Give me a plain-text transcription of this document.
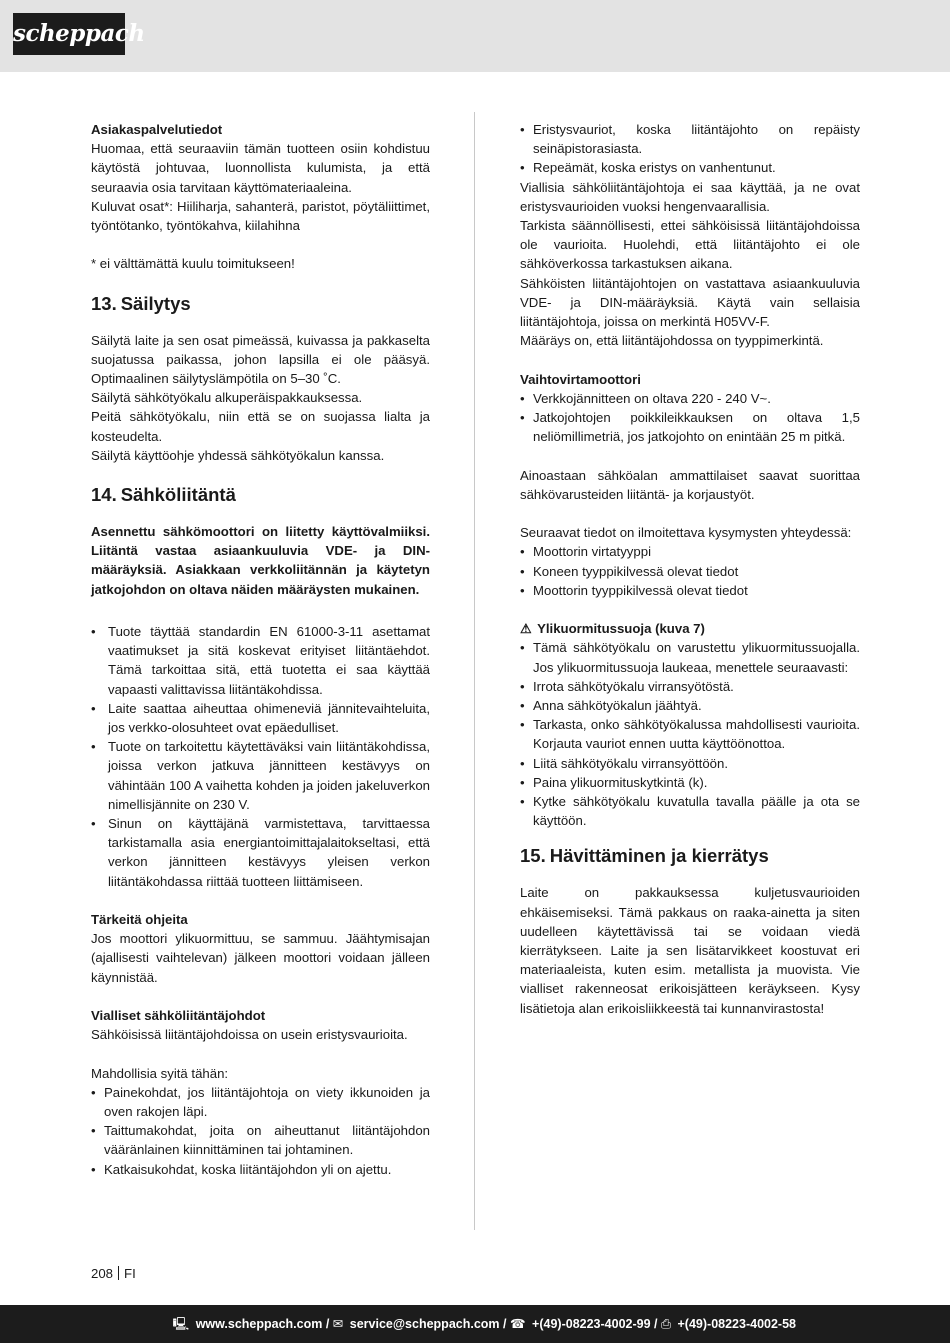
scheppach

Asiakaspalvelutiedot

Huomaa, että seuraaviin tämän tuotteen osiin kohdistuu käytöstä johtuvaa, luonnollista kulumista, ja että seuraavia osia tarvitaan käyttömateriaaleina.

Kuluvat osat*: Hiiliharja, sahanterä, paristot, pöytäliittimet, työntötanko, työntökahva, kiilahihna

* ei välttämättä kuulu toimitukseen!

13. Säilytys

Säilytä laite ja sen osat pimeässä, kuivassa ja pakkaselta suojatussa paikassa, johon lapsilla ei ole pääsyä. Optimaalinen säilytyslämpötila on 5–30 ˚C.

Säilytä sähkötyökalu alkuperäispakkauksessa.

Peitä sähkötyökalu, niin että se on suojassa lialta ja kosteudelta.

Säilytä käyttöohje yhdessä sähkötyökalun kanssa.

14. Sähköliitäntä

Asennettu sähkömoottori on liitetty käyttövalmiiksi. Liitäntä vastaa asiaankuuluvia VDE- ja DIN-määräyksiä. Asiakkaan verkkoliitännän ja käytetyn jatkojohdon on oltava näiden määräysten mukainen.

• Tuote täyttää standardin EN 61000-3-11 asettamat vaatimukset ja sitä koskevat erityiset liitäntäehdot. Tämä tarkoittaa sitä, että tuotetta ei saa käyttää vapaasti valittavissa liitäntäkohdissa.
• Laite saattaa aiheuttaa ohimeneviä jännitevaihteluita, jos verkko-olosuhteet ovat epäedulliset.
• Tuote on tarkoitettu käytettäväksi vain liitäntäkohdissa, joissa verkon jatkuva jännitteen kestävyys on vähintään 100 A vaihetta kohden ja joiden jakeluverkon nimellisjännite on 230 V.
• Sinun on käyttäjänä varmistettava, tarvittaessa tarkistamalla asia energiantoimittajalaitokseltasi, että verkon jännitteen kestävyys yleisen verkon liitäntäkohdassa riittää tuotteen liittämiseen.

Tärkeitä ohjeita

Jos moottori ylikuormittuu, se sammuu. Jäähtymisajan (ajallisesti vaihtelevan) jälkeen moottori voidaan jälleen käynnistää.

Vialliset sähköliitäntäjohdot

Sähköisissä liitäntäjohdoissa on usein eristysvaurioita.

Mahdollisia syitä tähän:

• Painekohdat, jos liitäntäjohtoja on viety ikkunoiden ja oven rakojen läpi.
• Taittumakohdat, joita on aiheuttanut liitäntäjohdon vääränlainen kiinnittäminen tai johtaminen.
• Katkaisukohdat, koska liitäntäjohdon yli on ajettu.
• Eristysvauriot, koska liitäntäjohto on repäisty seinäpistorasiasta.
• Repeämät, koska eristys on vanhentunut.

Viallisia sähköliitäntäjohtoja ei saa käyttää, ja ne ovat eristysvaurioiden vuoksi hengenvaarallisia.

Tarkista säännöllisesti, ettei sähköisissä liitäntäjohdoissa ole vaurioita. Huolehdi, että liitäntäjohto ei ole sähköverkossa tarkastuksen aikana.

Sähköisten liitäntäjohtojen on vastattava asiaankuuluvia VDE- ja DIN-määräyksiä. Käytä vain sellaisia liitäntäjohtoja, joissa on merkintä H05VV-F.

Määräys on, että liitäntäjohdossa on tyyppimerkintä.

Vaihtovirtamoottori

• Verkkojännitteen on oltava 220 - 240 V~.
• Jatkojohtojen poikkileikkauksen on oltava 1,5 neliömillimetriä, jos jatkojohto on enintään 25 m pitkä.

Ainoastaan sähköalan ammattilaiset saavat suorittaa sähkövarusteiden liitäntä- ja korjaustyöt.

Seuraavat tiedot on ilmoitettava kysymysten yhteydessä:

• Moottorin virtatyyppi
• Koneen tyyppikilvessä olevat tiedot
• Moottorin tyyppikilvessä olevat tiedot

⚠ Ylikuormitussuoja (kuva 7)

• Tämä sähkötyökalu on varustettu ylikuormitussuojalla. Jos ylikuormitussuoja laukeaa, menettele seuraavasti:
• Irrota sähkötyökalu virransyötöstä.
• Anna sähkötyökalun jäähtyä.
• Tarkasta, onko sähkötyökalussa mahdollisesti vaurioita. Korjauta vauriot ennen uutta käyttöönottoa.
• Liitä sähkötyökalu virransyöttöön.
• Paina ylikuormituskytkintä (k).
• Kytke sähkötyökalu kuvatulla tavalla päälle ja ota se käyttöön.
15. Hävittäminen ja kierrätys

Laite on pakkauksessa kuljetusvaurioiden ehkäisemiseksi. Tämä pakkaus on raaka-ainetta ja siten uudelleen käytettävissä tai se voidaan viedä kierrätykseen. Laite ja sen lisätarvikkeet koostuvat eri materiaaleista, kuten esim. metallista ja muovista. Vie vialliset rakenneosat erikoisjätteen keräykseen. Kysy lisätietoja alan erikoisliikkeestä tai kunnanvirastosta!

208 FI
🖳 www.scheppach.com / ✉ service@scheppach.com / ☎ +(49)-08223-4002-99 / ⎙ +(49)-08223-4002-58
